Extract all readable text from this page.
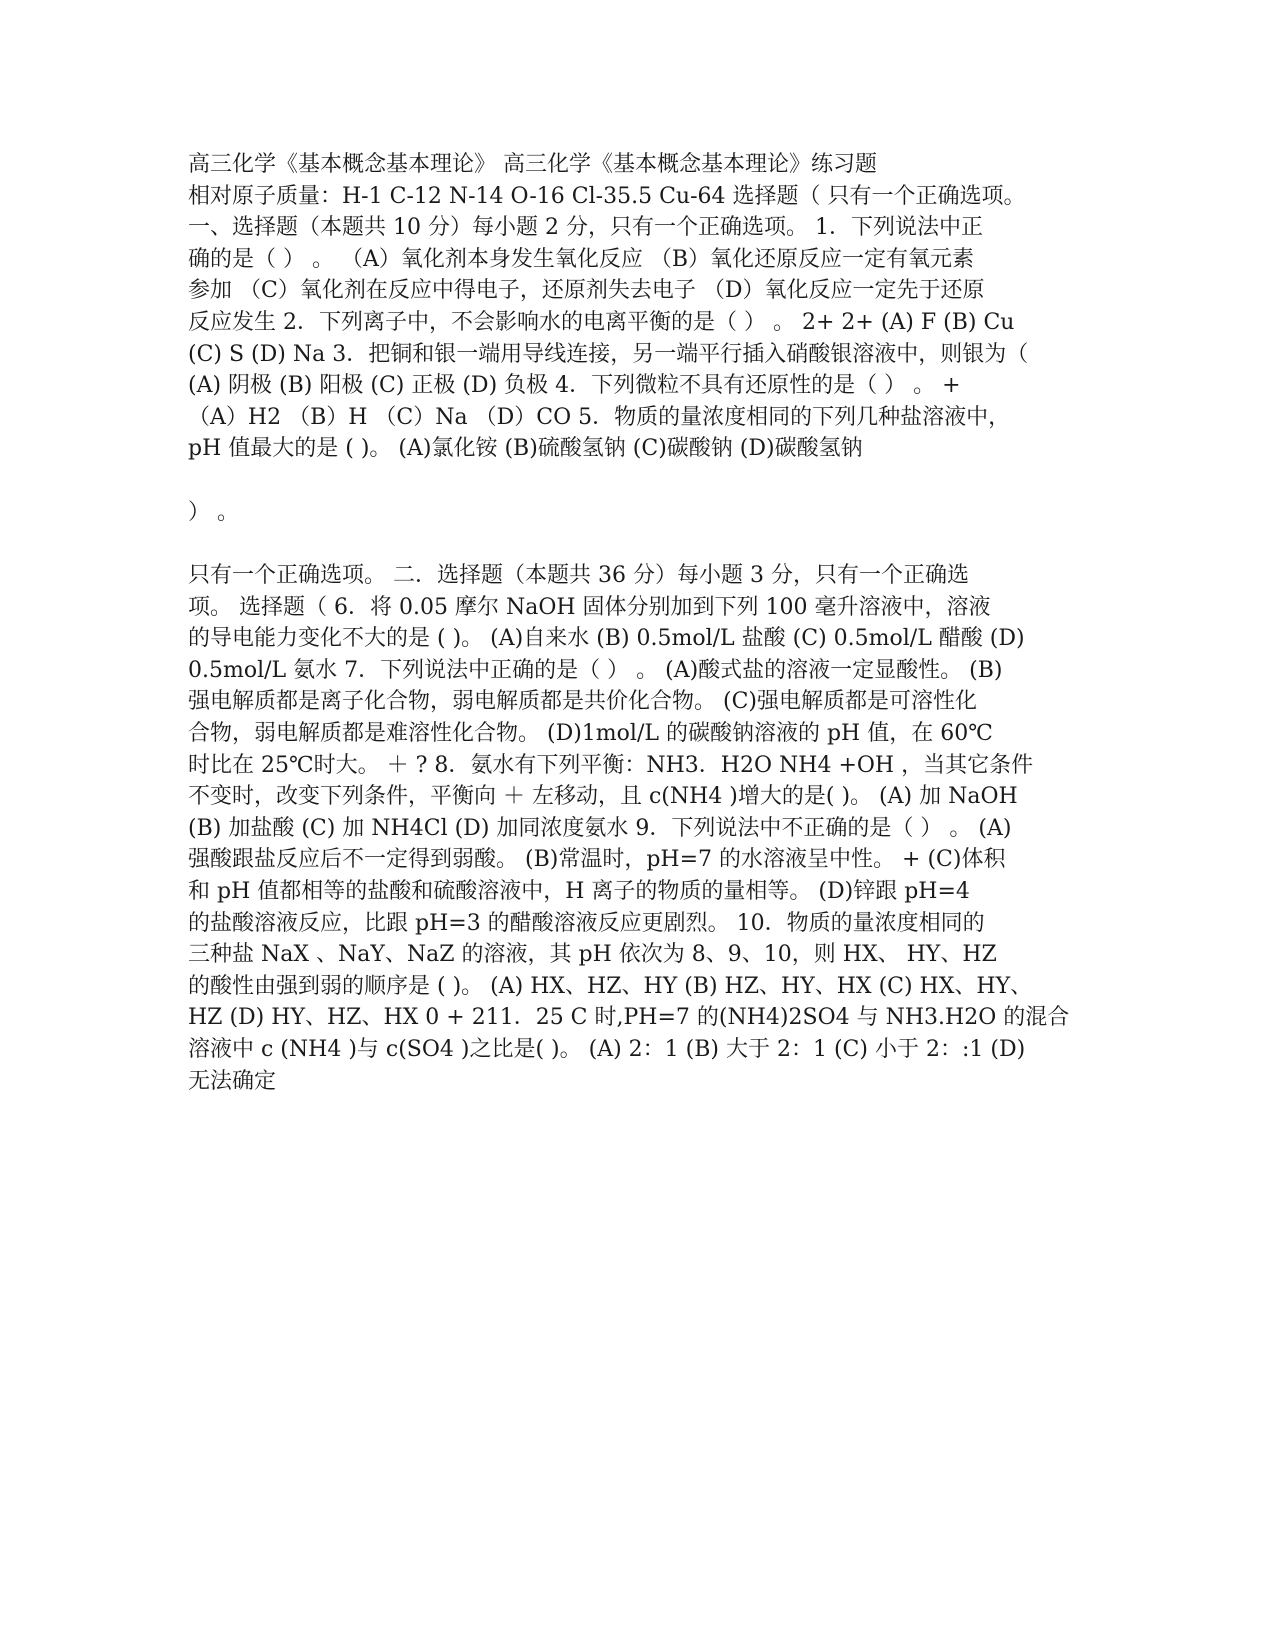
高三化学《基本概念基本理论》 高三化学《基本概念基本理论》练习题
相对原子质量：H-1 C-12 N-14 O-16 Cl-35.5 Cu-64 选择题（ 只有一个正确选项。
一、选择题（本题共 10 分）每小题 2 分，只有一个正确选项。 1．下列说法中正
确的是（ ） 。 （A）氧化剂本身发生氧化反应 （B）氧化还原反应一定有氧元素
参加 （C）氧化剂在反应中得电子，还原剂失去电子 （D）氧化反应一定先于还原
反应发生 2．下列离子中，不会影响水的电离平衡的是（ ） 。 2+ 2+ (A) F (B) Cu
(C) S (D) Na 3．把铜和银一端用导线连接，另一端平行插入硝酸银溶液中，则银为（
(A) 阴极 (B) 阳极 (C) 正极 (D) 负极 4．下列微粒不具有还原性的是（ ） 。 +
（A）H2 （B）H （C）Na （D）CO 5．物质的量浓度相同的下列几种盐溶液中，
pH 值最大的是 ( )。 (A)氯化铵 (B)硫酸氢钠 (C)碳酸钠 (D)碳酸氢钠
） 。
只有一个正确选项。 二．选择题（本题共 36 分）每小题 3 分，只有一个正确选
项。 选择题（ 6．将 0.05 摩尔 NaOH 固体分别加到下列 100 毫升溶液中，溶液
的导电能力变化不大的是 ( )。 (A)自来水 (B) 0.5mol/L 盐酸 (C) 0.5mol/L 醋酸 (D)
0.5mol/L 氨水 7．下列说法中正确的是（ ） 。 (A)酸式盐的溶液一定显酸性。 (B)
强电解质都是离子化合物，弱电解质都是共价化合物。 (C)强电解质都是可溶性化
合物，弱电解质都是难溶性化合物。 (D)1mol/L 的碳酸钠溶液的 pH 值，在 60℃
时比在 25℃时大。 ＋ ? 8．氨水有下列平衡：NH3．H2O NH4 +OH ，当其它条件
不变时，改变下列条件，平衡向 ＋ 左移动，且 c(NH4 )增大的是( )。 (A) 加 NaOH
(B) 加盐酸 (C) 加 NH4Cl (D) 加同浓度氨水 9．下列说法中不正确的是（ ） 。 (A)
强酸跟盐反应后不一定得到弱酸。 (B)常温时，pH=7 的水溶液呈中性。 + (C)体积
和 pH 值都相等的盐酸和硫酸溶液中，H 离子的物质的量相等。 (D)锌跟 pH=4
的盐酸溶液反应，比跟 pH=3 的醋酸溶液反应更剧烈。 10．物质的量浓度相同的
三种盐 NaX 、NaY、NaZ 的溶液，其 pH 依次为 8、9、10，则 HX、 HY、HZ
的酸性由强到弱的顺序是 ( )。 (A) HX、HZ、HY (B) HZ、HY、HX (C) HX、HY、
HZ (D) HY、HZ、HX 0 + 211．25 C 时,PH=7 的(NH4)2SO4 与 NH3.H2O 的混合
溶液中 c (NH4 )与 c(SO4 )之比是( )。 (A) 2：1 (B) 大于 2：1 (C) 小于 2：:1 (D)
无法确定
